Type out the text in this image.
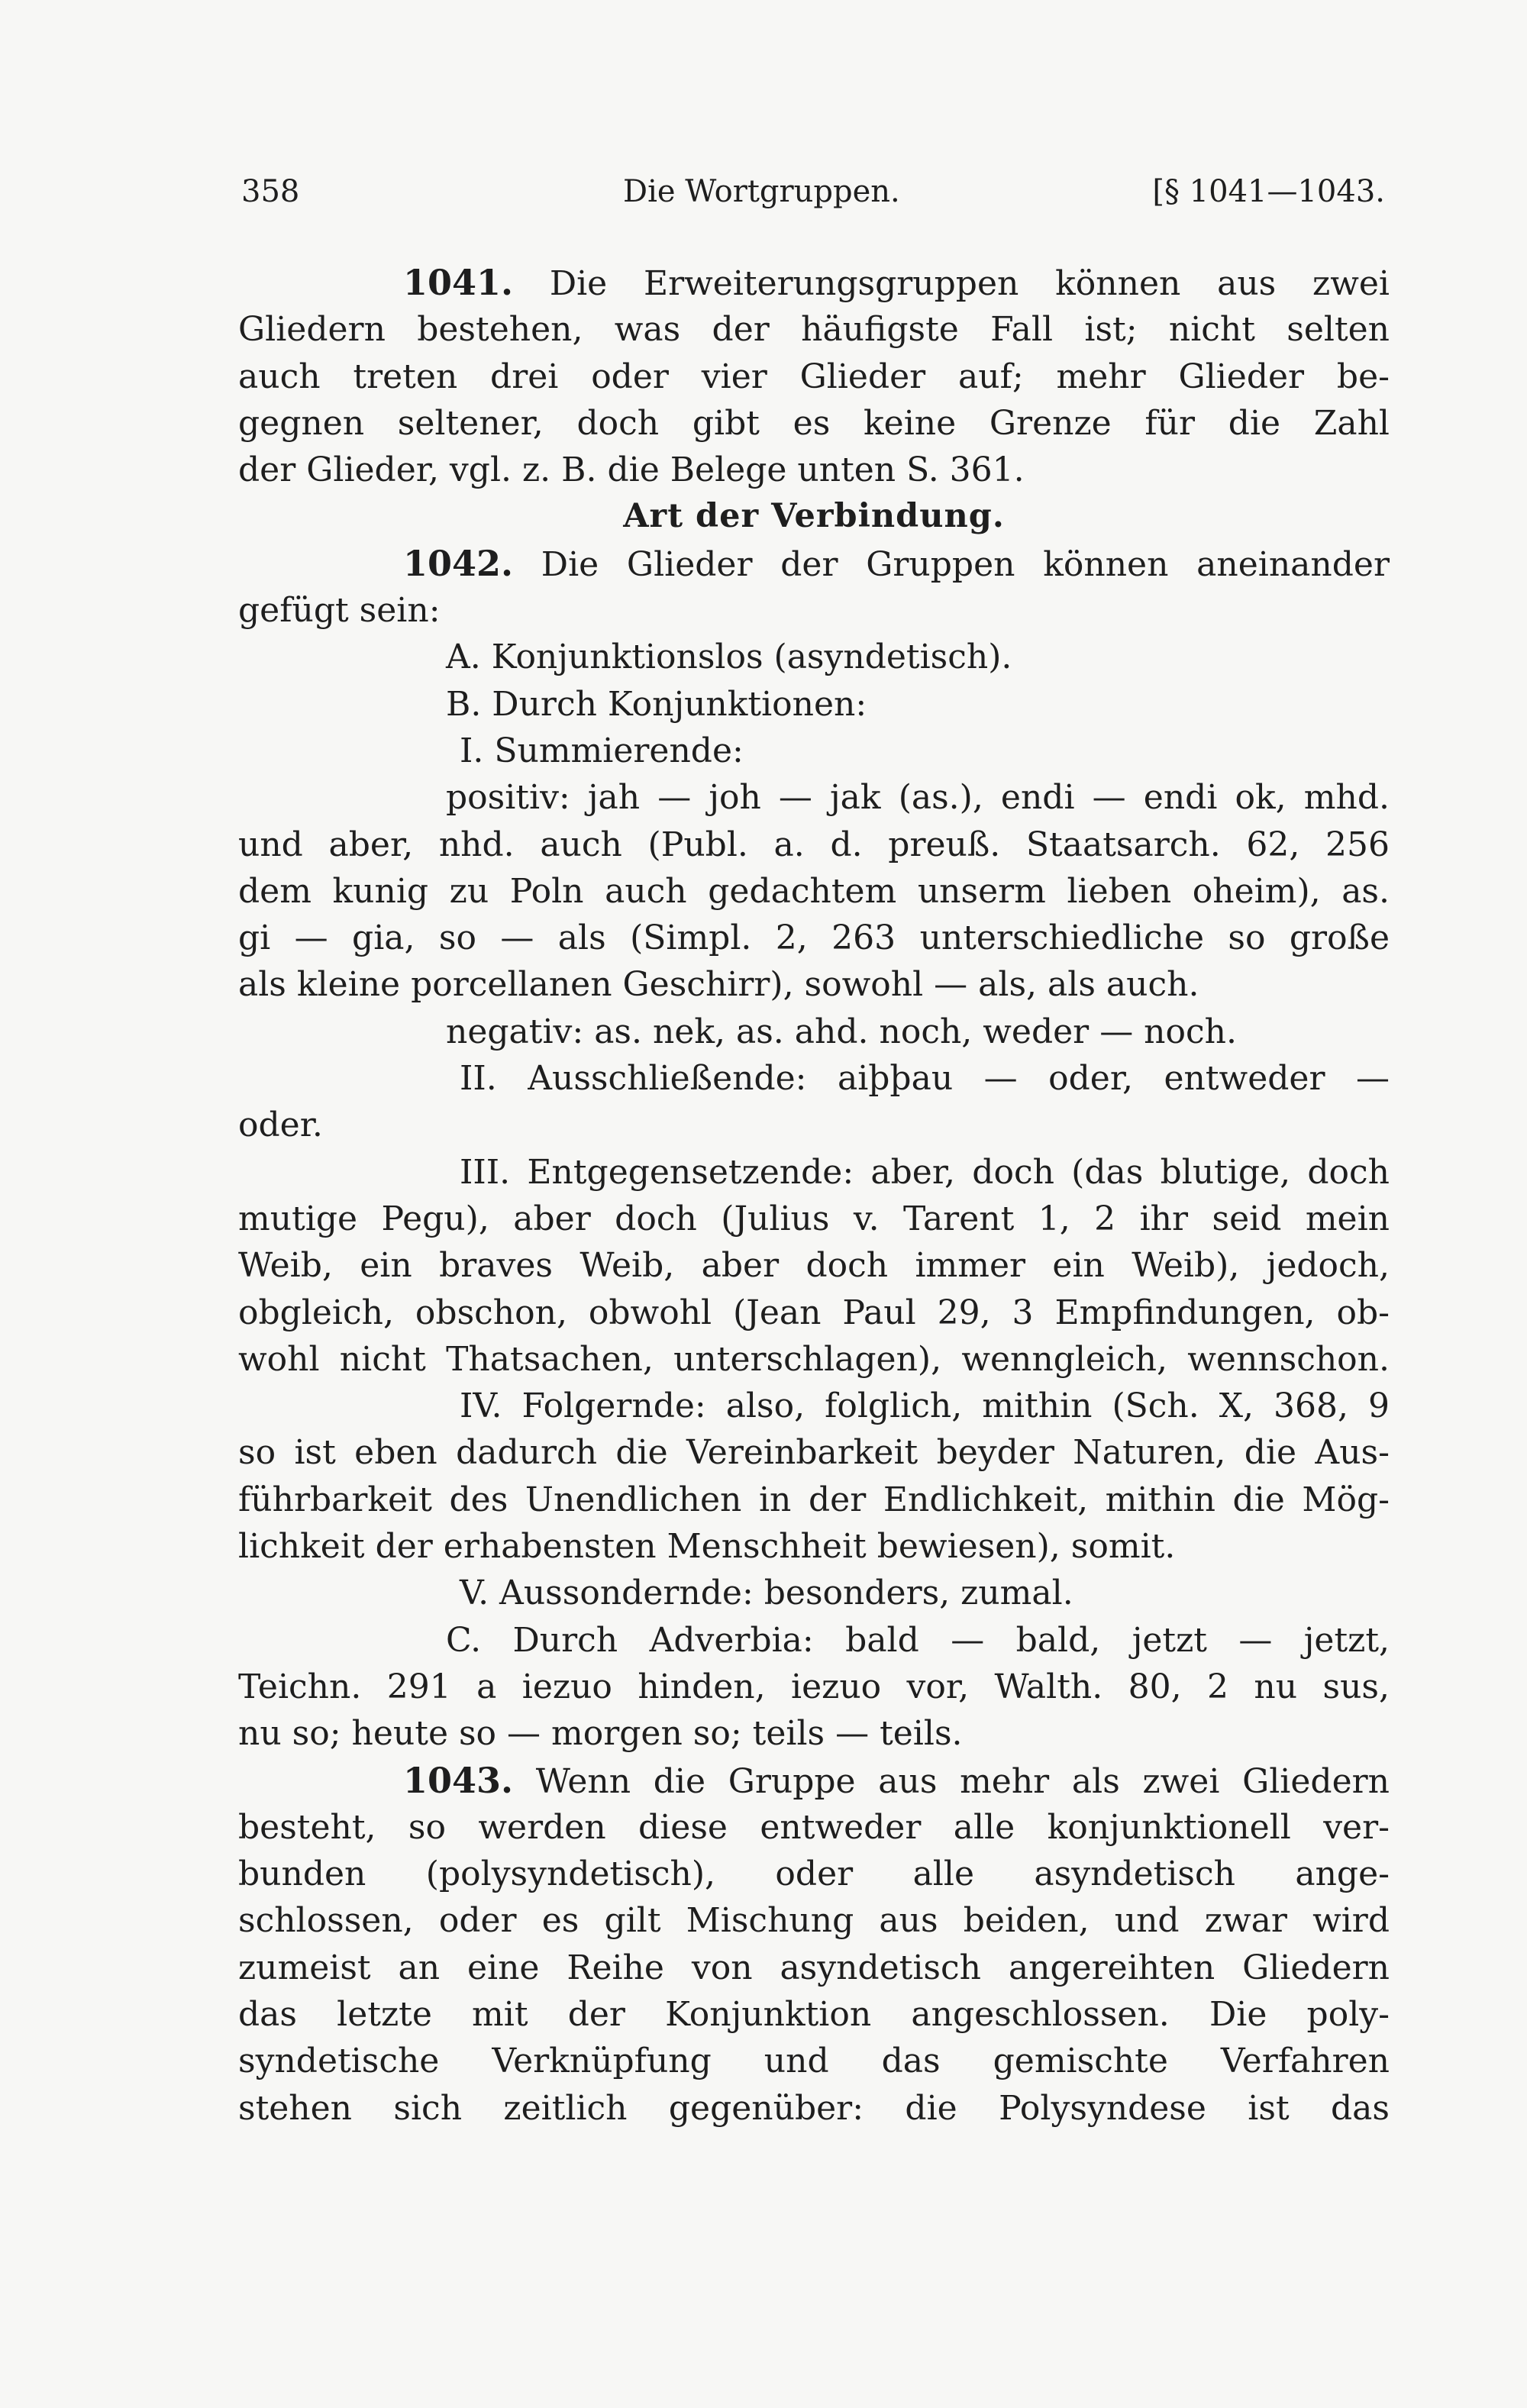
358	Die Wortgruppen.	[§ 1041—1043.
1041. Die Erweiterungsgruppen können aus zwei
Gliedern bestehen, was der häufigste Fall ist; nicht selten
auch treten drei oder vier Glieder auf; mehr Glieder be-
gegnen seltener, doch gibt es keine Grenze für die Zahl
der Glieder, vgl. z. B. die Belege unten S. 361.
Art der Verbindung.
1042. Die Glieder der Gruppen können aneinander
gefügt sein:
A. Konjunktionslos (asyndetisch).
B. Durch Konjunktionen:
I. Summierende:
positiv: jah — joh — jak (as.), endi — endi ok, mhd.
und aber, nhd. auch (Publ. a. d. preuß. Staatsarch. 62, 256
dem kunig zu Poln auch gedachtem unserm lieben oheim), as.
gi — gia, so — als (Simpl. 2, 263 unterschiedliche so große
als kleine porcellanen Geschirr), sowohl — als, als auch.
negativ: as. nek, as. ahd. noch, weder — noch.
II. Ausschließende: aiþþau — oder, entweder —
oder.
III. Entgegensetzende: aber, doch (das blutige, doch
mutige Pegu), aber doch (Julius v. Tarent 1, 2 ihr seid mein
Weib, ein braves Weib, aber doch immer ein Weib), jedoch,
obgleich, obschon, obwohl (Jean Paul 29, 3 Empfindungen, ob-
wohl nicht Thatsachen, unterschlagen), wenngleich, wennschon.
IV. Folgernde: also, folglich, mithin (Sch. X, 368, 9
so ist eben dadurch die Vereinbarkeit beyder Naturen, die Aus-
führbarkeit des Unendlichen in der Endlichkeit, mithin die Mög-
lichkeit der erhabensten Menschheit bewiesen), somit.
V. Aussondernde: besonders, zumal.
C. Durch Adverbia: bald — bald, jetzt — jetzt,
Teichn. 291 a iezuo hinden, iezuo vor, Walth. 80, 2 nu sus,
nu so; heute so — morgen so; teils — teils.
1043. Wenn die Gruppe aus mehr als zwei Gliedern
besteht, so werden diese entweder alle konjunktionell ver-
bunden (polysyndetisch), oder alle asyndetisch ange-
schlossen, oder es gilt Mischung aus beiden, und zwar wird
zumeist an eine Reihe von asyndetisch angereihten Gliedern
das letzte mit der Konjunktion angeschlossen. Die poly-
syndetische Verknüpfung und das gemischte Verfahren
stehen sich zeitlich gegenüber: die Polysyndese ist das
